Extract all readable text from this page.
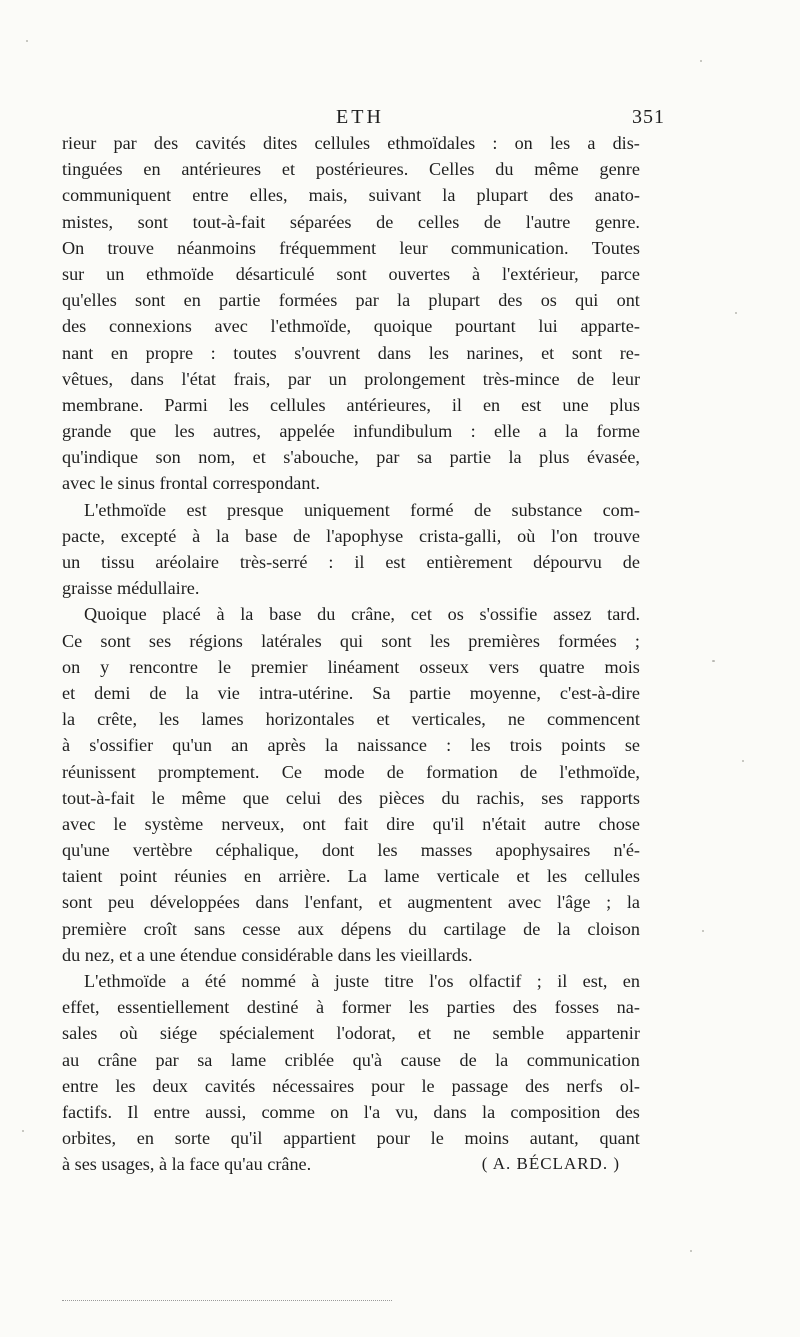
ETH	351
rieur par des cavités dites cellules ethmoïdales : on les a dis-
tinguées en antérieures et postérieures. Celles du même genre
communiquent entre elles, mais, suivant la plupart des anato-
mistes, sont tout-à-fait séparées de celles de l'autre genre.
On trouve néanmoins fréquemment leur communication. Toutes
sur un ethmoïde désarticulé sont ouvertes à l'extérieur, parce
qu'elles sont en partie formées par la plupart des os qui ont
des connexions avec l'ethmoïde, quoique pourtant lui apparte-
nant en propre : toutes s'ouvrent dans les narines, et sont re-
vêtues, dans l'état frais, par un prolongement très-mince de leur
membrane. Parmi les cellules antérieures, il en est une plus
grande que les autres, appelée infundibulum : elle a la forme
qu'indique son nom, et s'abouche, par sa partie la plus évasée,
avec le sinus frontal correspondant.
L'ethmoïde est presque uniquement formé de substance com-
pacte, excepté à la base de l'apophyse crista-galli, où l'on trouve
un tissu aréolaire très-serré : il est entièrement dépourvu de
graisse médullaire.
Quoique placé à la base du crâne, cet os s'ossifie assez tard.
Ce sont ses régions latérales qui sont les premières formées ;
on y rencontre le premier linéament osseux vers quatre mois
et demi de la vie intra-utérine. Sa partie moyenne, c'est-à-dire
la crête, les lames horizontales et verticales, ne commencent
à s'ossifier qu'un an après la naissance : les trois points se
réunissent promptement. Ce mode de formation de l'ethmoïde,
tout-à-fait le même que celui des pièces du rachis, ses rapports
avec le système nerveux, ont fait dire qu'il n'était autre chose
qu'une vertèbre céphalique, dont les masses apophysaires n'é-
taient point réunies en arrière. La lame verticale et les cellules
sont peu développées dans l'enfant, et augmentent avec l'âge ; la
première croît sans cesse aux dépens du cartilage de la cloison
du nez, et a une étendue considérable dans les vieillards.
L'ethmoïde a été nommé à juste titre l'os olfactif ; il est, en
effet, essentiellement destiné à former les parties des fosses na-
sales où siége spécialement l'odorat, et ne semble appartenir
au crâne par sa lame criblée qu'à cause de la communication
entre les deux cavités nécessaires pour le passage des nerfs ol-
factifs. Il entre aussi, comme on l'a vu, dans la composition des
orbites, en sorte qu'il appartient pour le moins autant, quant
à ses usages, à la face qu'au crâne.	( A. BÉCLARD. )
